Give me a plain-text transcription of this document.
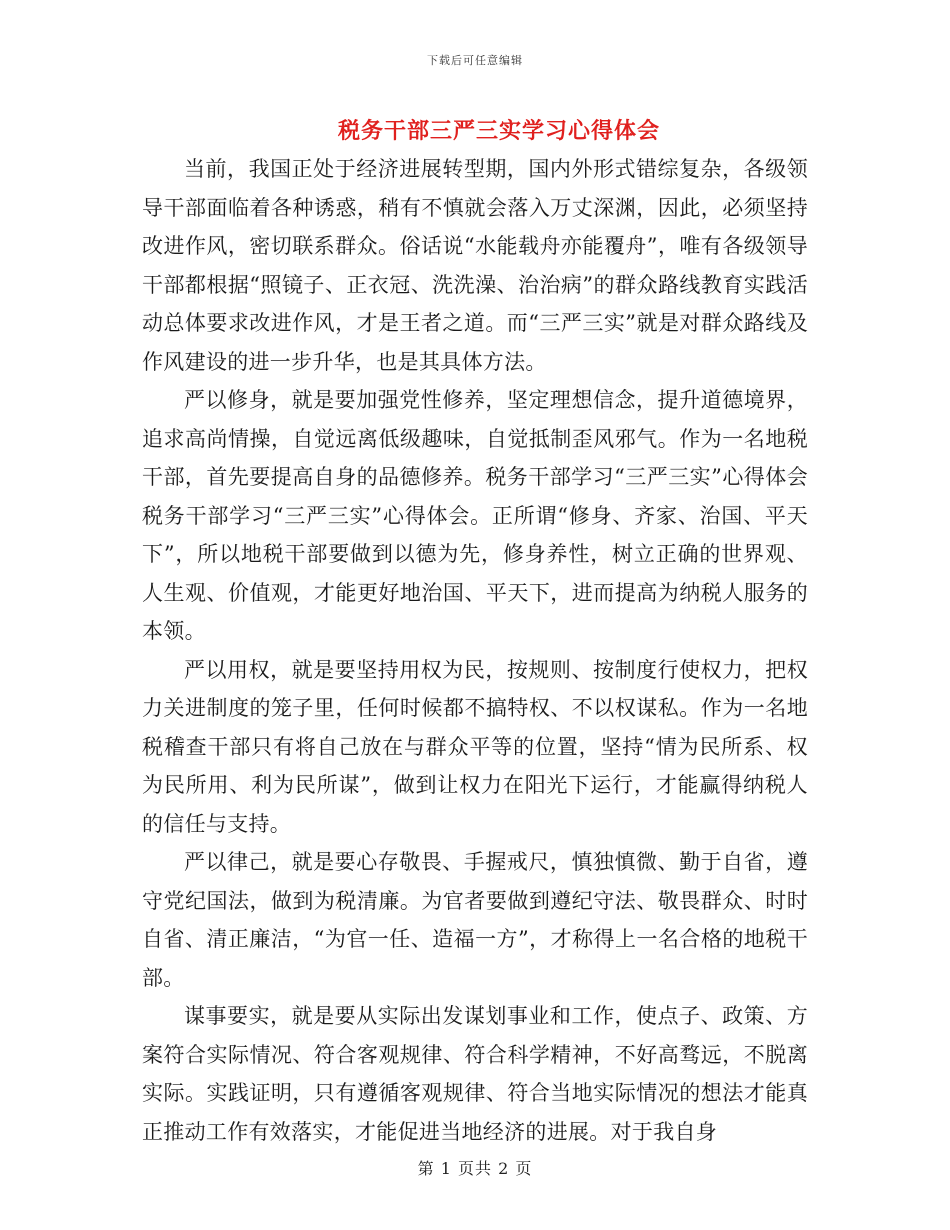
下载后可任意编辑
税务干部三严三实学习心得体会

当前，我国正处于经济进展转型期，国内外形式错综复杂，各级领导干部面临着各种诱惑，稍有不慎就会落入万丈深渊，因此，必须坚持改进作风，密切联系群众。俗话说“水能载舟亦能覆舟”，唯有各级领导干部都根据“照镜子、正衣冠、洗洗澡、治治病”的群众路线教育实践活动总体要求改进作风，才是王者之道。而“三严三实”就是对群众路线及作风建设的进一步升华，也是其具体方法。

严以修身，就是要加强党性修养，坚定理想信念，提升道德境界，追求高尚情操，自觉远离低级趣味，自觉抵制歪风邪气。作为一名地税干部，首先要提高自身的品德修养。税务干部学习“三严三实”心得体会税务干部学习“三严三实”心得体会。正所谓“修身、齐家、治国、平天下”，所以地税干部要做到以德为先，修身养性，树立正确的世界观、人生观、价值观，才能更好地治国、平天下，进而提高为纳税人服务的本领。

严以用权，就是要坚持用权为民，按规则、按制度行使权力，把权力关进制度的笼子里，任何时候都不搞特权、不以权谋私。作为一名地税稽查干部只有将自己放在与群众平等的位置，坚持“情为民所系、权为民所用、利为民所谋”，做到让权力在阳光下运行，才能赢得纳税人的信任与支持。

严以律己，就是要心存敬畏、手握戒尺，慎独慎微、勤于自省，遵守党纪国法，做到为税清廉。为官者要做到遵纪守法、敬畏群众、时时自省、清正廉洁，“为官一任、造福一方”，才称得上一名合格的地税干部。

谋事要实，就是要从实际出发谋划事业和工作，使点子、政策、方案符合实际情况、符合客观规律、符合科学精神，不好高骛远，不脱离实际。实践证明，只有遵循客观规律、符合当地实际情况的想法才能真正推动工作有效落实，才能促进当地经济的进展。对于我自身

第 1 页共 2 页
